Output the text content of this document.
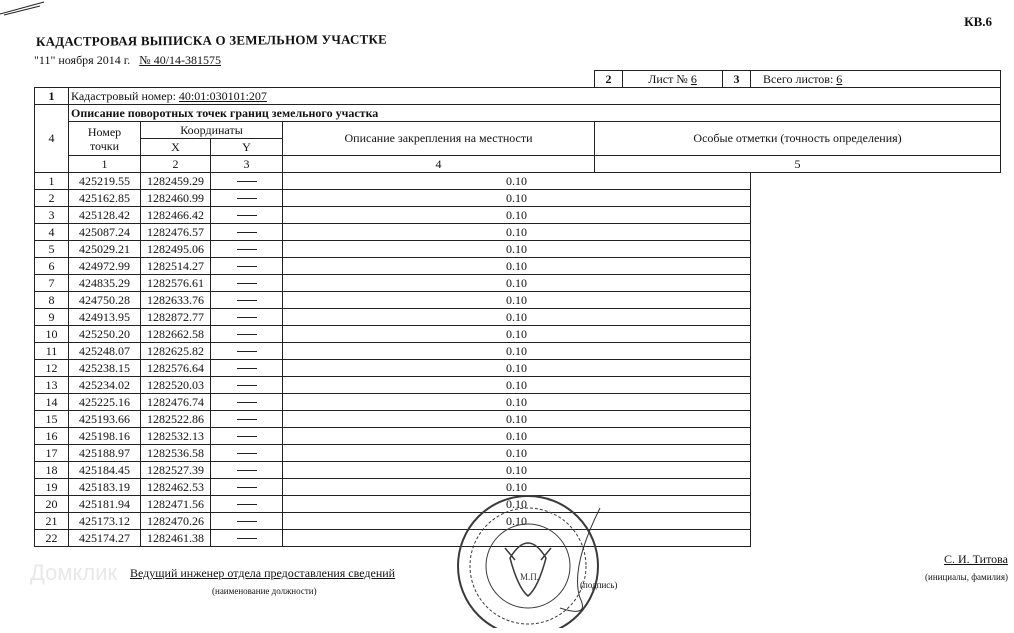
КВ.6
КАДАСТРОВАЯ ВЫПИСКА О ЗЕМЕЛЬНОМ УЧАСТКЕ
"11" ноября 2014 г. № 40/14-381575
					2	Лист № 6	3	Всего листов: 6
1	Кадастровый номер: 40:01:030101:207							
4	Описание поворотных точек границ земельного участка							
	Номер
точки	Координаты		Описание закрепления на местности	Особые отметки (точность определения)			
		X	Y					
	1	2	3	4	5			
1	425219.55	1282459.29		0.10				
2	425162.85	1282460.99		0.10				
3	425128.42	1282466.42		0.10				
4	425087.24	1282476.57		0.10				
5	425029.21	1282495.06		0.10				
6	424972.99	1282514.27		0.10				
7	424835.29	1282576.61		0.10				
8	424750.28	1282633.76		0.10				
9	424913.95	1282872.77		0.10				
10	425250.20	1282662.58		0.10				
11	425248.07	1282625.82		0.10				
12	425238.15	1282576.64		0.10				
13	425234.02	1282520.03		0.10				
14	425225.16	1282476.74		0.10				
15	425193.66	1282522.86		0.10				
16	425198.16	1282532.13		0.10				
17	425188.97	1282536.58		0.10				
18	425184.45	1282527.39		0.10				
19	425183.19	1282462.53		0.10				
20	425181.94	1282471.56		0.10				
21	425173.12	1282470.26		0.10				
22	425174.27	1282461.38						
Домклик	М.П.
Ведущий инженер отдела предоставления сведений
(наименование должности)
(подпись)
С. И. Титова
(инициалы, фамилия)
